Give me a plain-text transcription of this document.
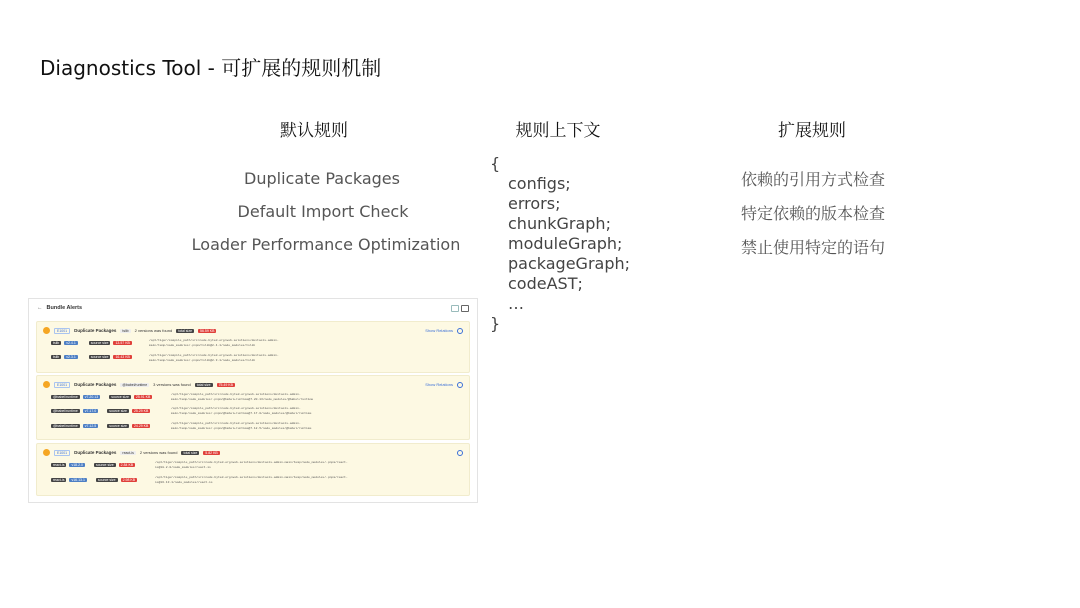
Diagnostics Tool - 可扩展的规则机制
默认规则
Duplicate Packages
Default Import Check
Loader Performance Optimization
规则上下文
{
configs;
errors;
chunkGraph;
moduleGraph;
packageGraph;
codeAST;
…
}
扩展规则
依赖的引用方式检查
特定依赖的版本检查
禁止使用特定的语句
← Bundle Alerts
E1001	Duplicate Packages	tslib	2 versions was found	total size	56.59 KB	Show Relations
tslib	v2.4.1	source size	13.57 KB
/opt/tiger/compile_path/src/code.byted.org/web-solutions/devtools-admin-
main/temp/node_modules/.pnpm/tslib@2.4.1/node_modules/tslib
tslib	v2.3.1	source size	16.43 KB	/opt/tiger/compile_path/src/code.byted.org/web-solutions/devtools-admin-
main/temp/node_modules/.pnpm/tslib@2.3.1/node_modules/tslib
E1001	Duplicate Packages	@babel/runtime	3 versions was found	total size	75.49 KB	Show Relations
@babel/runtime	v7.20.13	source size	25.91 KB
/opt/tiger/compile_path/src/code.byted.org/web-solutions/devtools-admin-
main/temp/node_modules/.pnpm/@babel+runtime@7.20.13/node_modules/@babel/runtime
@babel/runtime	v7.17.0	source size	25.29 KB
/opt/tiger/compile_path/src/code.byted.org/web-solutions/devtools-admin-
main/temp/node_modules/.pnpm/@babel+runtime@7.17.0/node_modules/@babel/runtime
@babel/runtime	v7.12.5	source size	24.29 KB
/opt/tiger/compile_path/src/code.byted.org/web-solutions/devtools-admin-
main/temp/node_modules/.pnpm/@babel+runtime@7.12.5/node_modules/@babel/runtime
E1001	Duplicate Packages	react-is	2 versions was found	total size	5.82 KB
react-is	v18.2.0	source size	2.84 KB
/opt/tiger/compile_path/src/code.byted.org/web-solutions/devtools-admin-main/temp/node_modules/.pnpm/react-
is@18.2.0/node_modules/react-is
react-is	v16.13.1	source size	2.98 KB
/opt/tiger/compile_path/src/code.byted.org/web-solutions/devtools-admin-main/temp/node_modules/.pnpm/react-
is@16.13.1/node_modules/react-is
